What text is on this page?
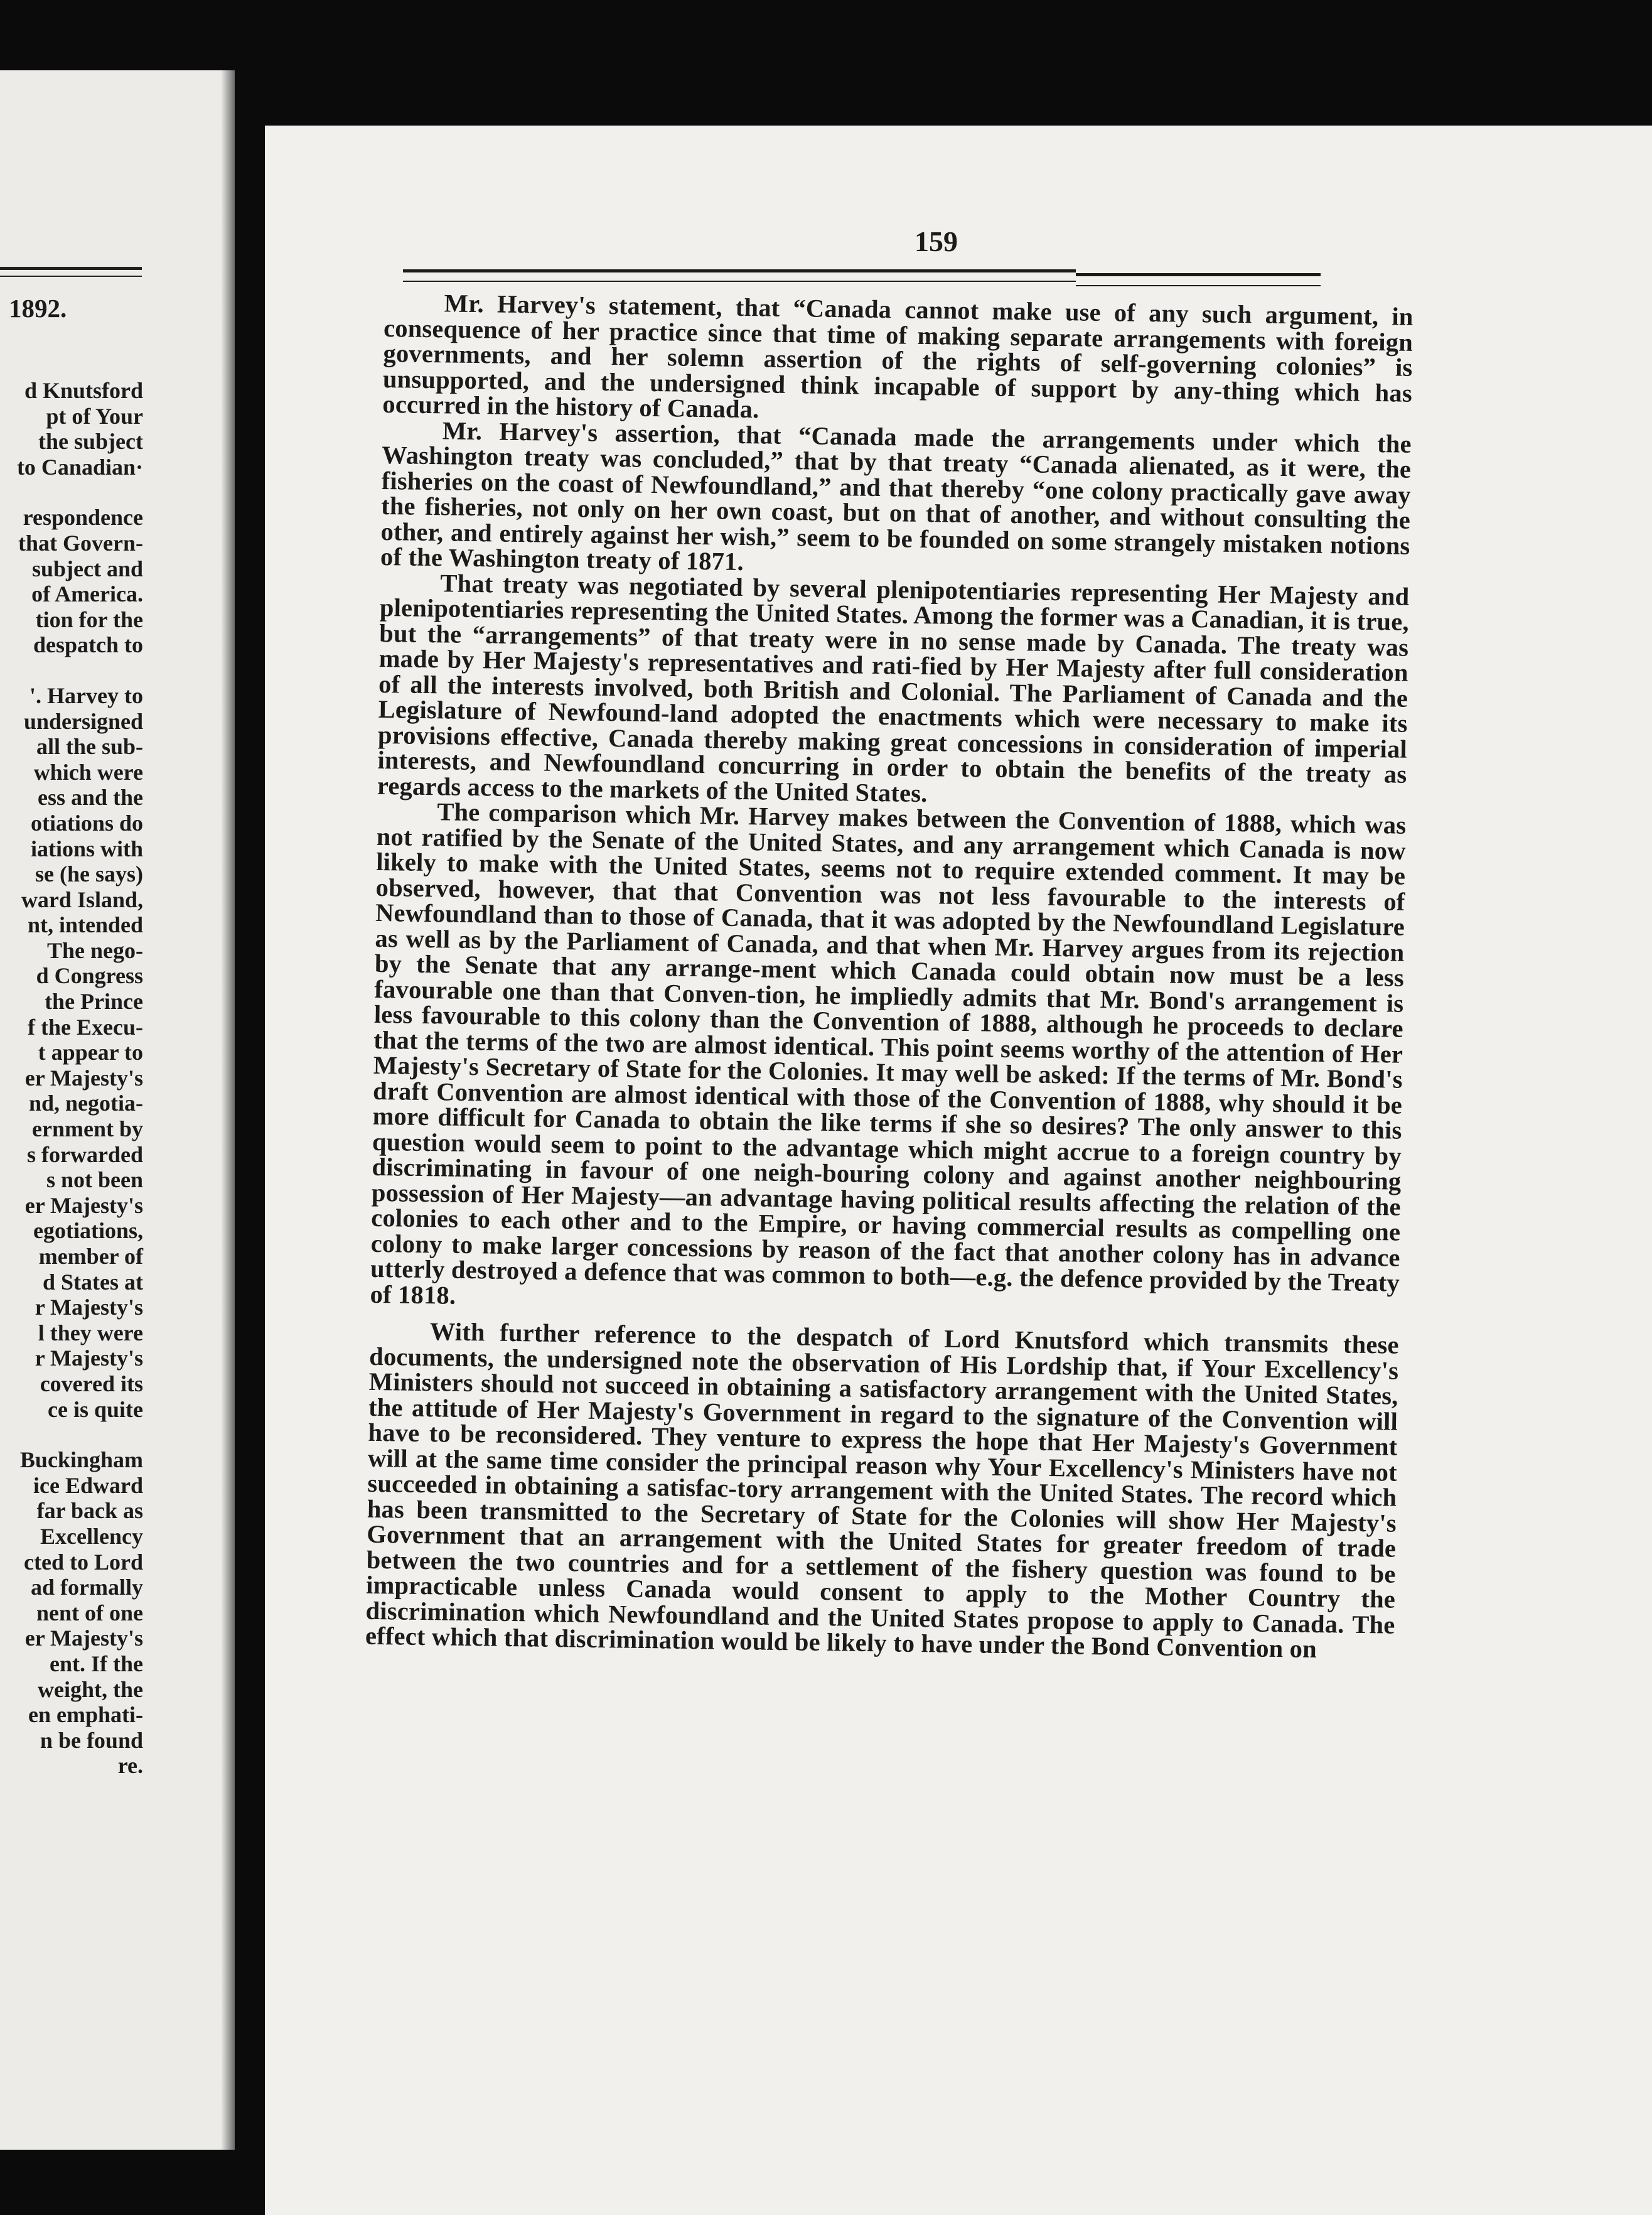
1892.
d Knutsford
pt of Your
the subject
to Canadian·
respondence
that Govern-
subject and
of America.
tion for the
despatch to
'. Harvey to
undersigned
all the sub-
which were
ess and the
otiations do
iations with
se (he says)
ward Island,
nt, intended
The nego-
d Congress
the Prince
f the Execu-
t appear to
er Majesty's
nd, negotia-
ernment by
s forwarded
s not been
er Majesty's
egotiations,
member of
d States at
r Majesty's
l they were
r Majesty's
covered its
ce is quite
Buckingham
ice Edward
far back as
Excellency
cted to Lord
ad formally
nent of one
er Majesty's
ent. If the
weight, the
en emphati-
n be found
re.
159

Mr. Harvey's statement, that “Canada cannot make use of any such argument, in consequence of her practice since that time of making separate arrangements with foreign governments, and her solemn assertion of the rights of self-governing colonies” is unsupported, and the undersigned think incapable of support by any-thing which has occurred in the history of Canada.

Mr. Harvey's assertion, that “Canada made the arrangements under which the Washington treaty was concluded,” that by that treaty “Canada alienated, as it were, the fisheries on the coast of Newfoundland,” and that thereby “one colony practically gave away the fisheries, not only on her own coast, but on that of another, and without consulting the other, and entirely against her wish,” seem to be founded on some strangely mistaken notions of the Washington treaty of 1871.

That treaty was negotiated by several plenipotentiaries representing Her Majesty and plenipotentiaries representing the United States. Among the former was a Canadian, it is true, but the “arrangements” of that treaty were in no sense made by Canada. The treaty was made by Her Majesty's representatives and rati-fied by Her Majesty after full consideration of all the interests involved, both British and Colonial. The Parliament of Canada and the Legislature of Newfound-land adopted the enactments which were necessary to make its provisions effective, Canada thereby making great concessions in consideration of imperial interests, and Newfoundland concurring in order to obtain the benefits of the treaty as regards access to the markets of the United States.

The comparison which Mr. Harvey makes between the Convention of 1888, which was not ratified by the Senate of the United States, and any arrangement which Canada is now likely to make with the United States, seems not to require extended comment. It may be observed, however, that that Convention was not less favourable to the interests of Newfoundland than to those of Canada, that it was adopted by the Newfoundland Legislature as well as by the Parliament of Canada, and that when Mr. Harvey argues from its rejection by the Senate that any arrange-ment which Canada could obtain now must be a less favourable one than that Conven-tion, he impliedly admits that Mr. Bond's arrangement is less favourable to this colony than the Convention of 1888, although he proceeds to declare that the terms of the two are almost identical. This point seems worthy of the attention of Her Majesty's Secretary of State for the Colonies. It may well be asked: If the terms of Mr. Bond's draft Convention are almost identical with those of the Convention of 1888, why should it be more difficult for Canada to obtain the like terms if she so desires? The only answer to this question would seem to point to the advantage which might accrue to a foreign country by discriminating in favour of one neigh-bouring colony and against another neighbouring possession of Her Majesty—an advantage having political results affecting the relation of the colonies to each other and to the Empire, or having commercial results as compelling one colony to make larger concessions by reason of the fact that another colony has in advance utterly destroyed a defence that was common to both—e.g. the defence provided by the Treaty of 1818.

With further reference to the despatch of Lord Knutsford which transmits these documents, the undersigned note the observation of His Lordship that, if Your Excellency's Ministers should not succeed in obtaining a satisfactory arrangement with the United States, the attitude of Her Majesty's Government in regard to the signature of the Convention will have to be reconsidered. They venture to express the hope that Her Majesty's Government will at the same time consider the principal reason why Your Excellency's Ministers have not succeeded in obtaining a satisfac-tory arrangement with the United States. The record which has been transmitted to the Secretary of State for the Colonies will show Her Majesty's Government that an arrangement with the United States for greater freedom of trade between the two countries and for a settlement of the fishery question was found to be impracticable unless Canada would consent to apply to the Mother Country the discrimination which Newfoundland and the United States propose to apply to Canada. The effect which that discrimination would be likely to have under the Bond Convention on
